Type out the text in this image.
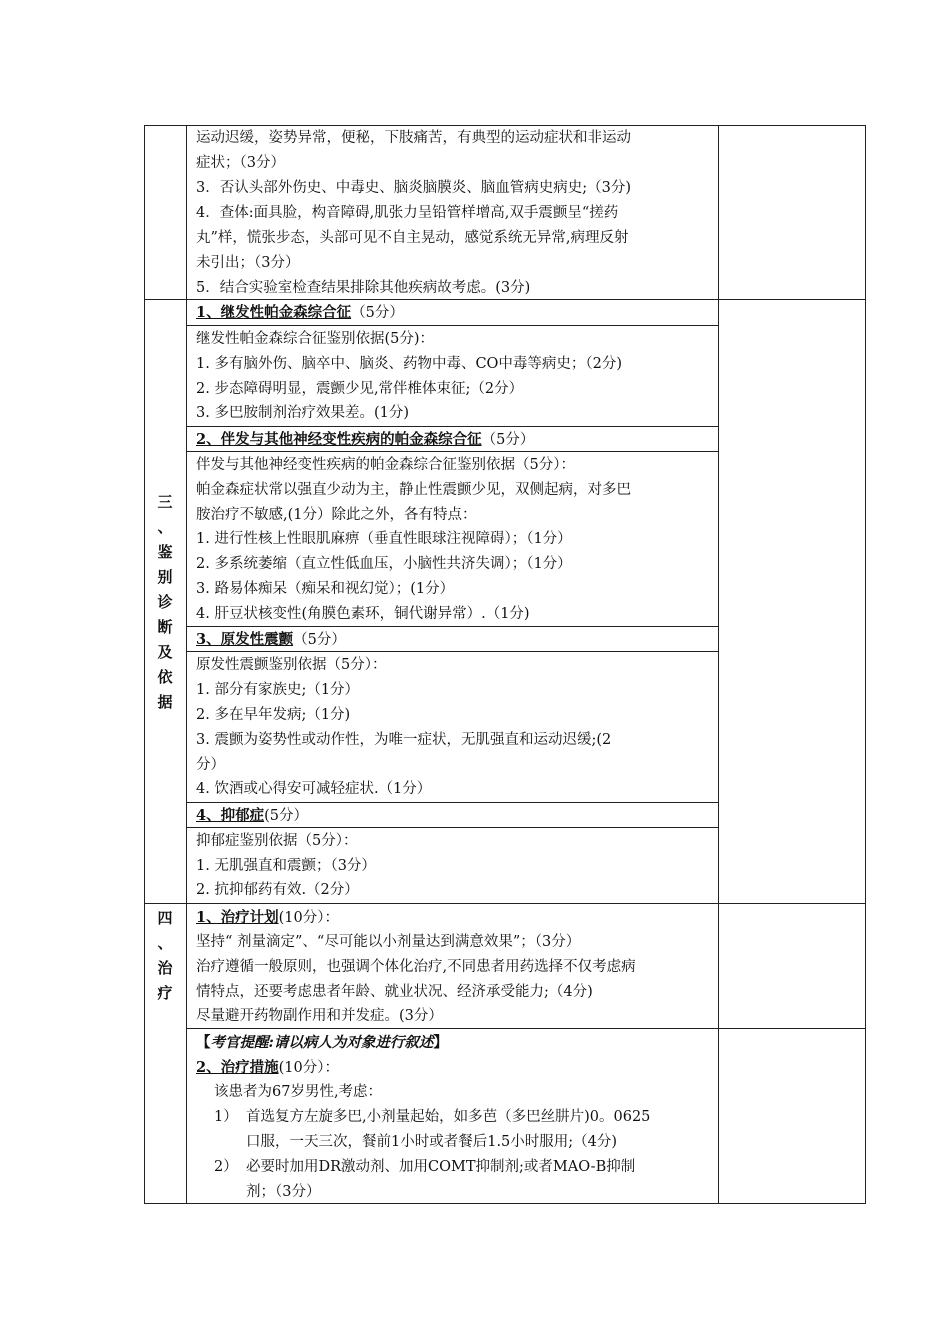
运动迟缓，姿势异常，便秘，下肢痛苦，有典型的运动症状和非运动
症状；（3分）
3．否认头部外伤史、中毒史、脑炎脑膜炎、脑血管病史病史;（3分)
4．查体:面具脸，构音障碍,肌张力呈铅管样增高,双手震颤呈“搓药
丸”样，慌张步态，头部可见不自主晃动，感觉系统无异常,病理反射
未引出；（3分）
5．结合实验室检查结果排除其他疾病故考虑。(3分)
三
、
鉴
别
诊
断
及
依
据
1、继发性帕金森综合征（5分）
继发性帕金森综合征鉴别依据(5分)：
1. 多有脑外伤、脑卒中、脑炎、药物中毒、CO中毒等病史；（2分)
2. 步态障碍明显，震颤少见,常伴椎体束征;（2分）
3. 多巴胺制剂治疗效果差。(1分)
2、伴发与其他神经变性疾病的帕金森综合征（5分）
伴发与其他神经变性疾病的帕金森综合征鉴别依据（5分）：
帕金森症状常以强直少动为主，静止性震颤少见，双侧起病，对多巴
胺治疗不敏感,(1分）除此之外，各有特点：
1. 进行性核上性眼肌麻痹（垂直性眼球注视障碍）；（1分）
2. 多系统萎缩（直立性低血压，小脑性共济失调）；（1分）
3. 路易体痴呆（痴呆和视幻觉）；(1分）
4. 肝豆状核变性(角膜色素环，铜代谢异常）.（1分)
3、原发性震颤（5分）
原发性震颤鉴别依据（5分）：
1. 部分有家族史;（1分）
2. 多在早年发病;（1分)
3. 震颤为姿势性或动作性，为唯一症状，无肌强直和运动迟缓;(2
分）
4. 饮酒或心得安可减轻症状.（1分）
4、抑郁症(5分）
抑郁症鉴别依据（5分）：
1. 无肌强直和震颤；（3分）
2. 抗抑郁药有效.（2分）
四
、
治
疗
1、治疗计划(10分）：
坚持“ 剂量滴定”、“尽可能以小剂量达到满意效果”；（3分）
治疗遵循一般原则，也强调个体化治疗,不同患者用药选择不仅考虑病
情特点，还要考虑患者年龄、就业状况、经济承受能力;（4分)
尽量避开药物副作用和并发症。(3分）
【考官提醒:请以病人为对象进行叙述】
2、治疗措施(10分）：
该患者为67岁男性,考虑：
1） 首选复方左旋多巴,小剂量起始，如多芭（多巴丝肼片)0。0625
口服，一天三次，餐前1小时或者餐后1.5小时服用;（4分)
2） 必要时加用DR激动剂、加用COMT抑制剂;或者MAO-B抑制
剂；（3分）
